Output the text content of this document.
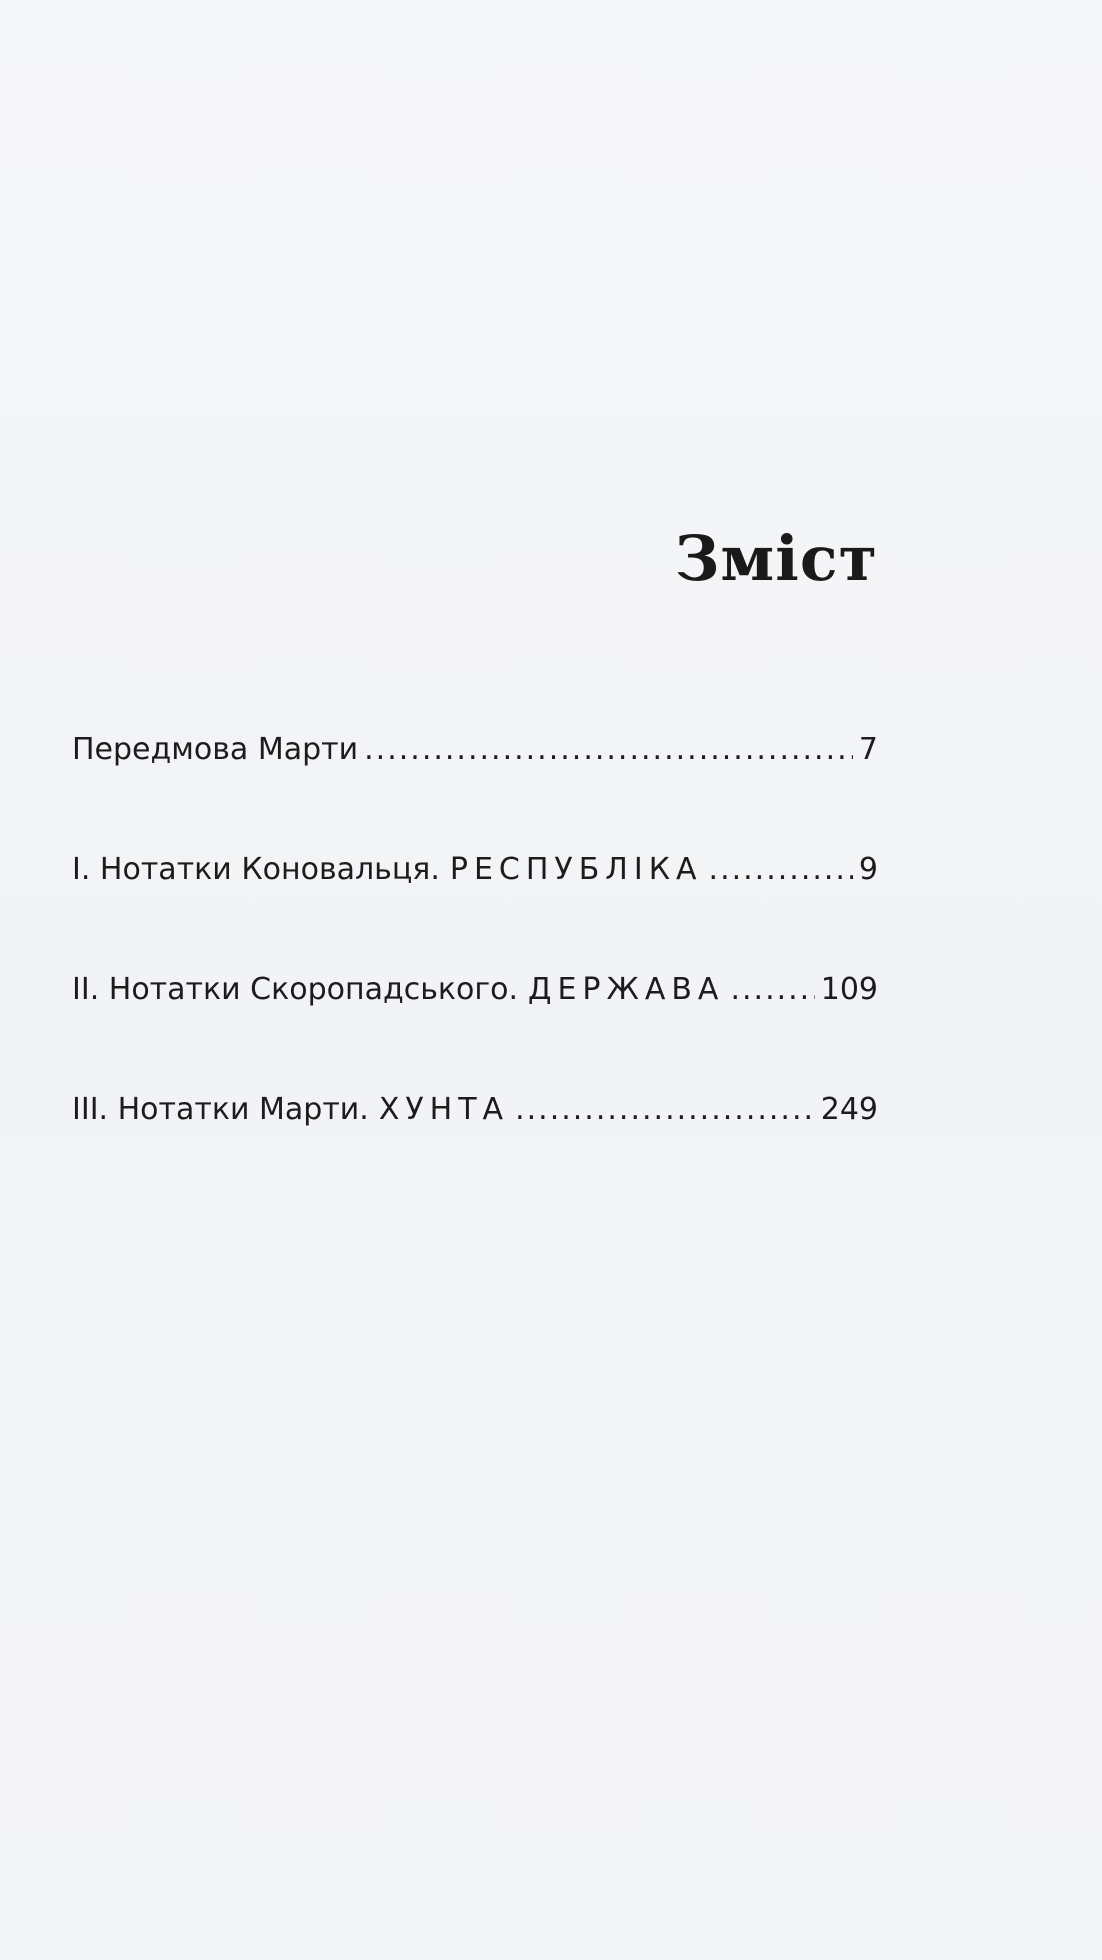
Зміст
Передмова Марти .....	7
І. Нотатки Коновальця. РЕСПУБЛІКА .....	9
ІІ. Нотатки Скоропадського. ДЕРЖАВА .....	109
ІІІ. Нотатки Марти. ХУНТА .....	249
